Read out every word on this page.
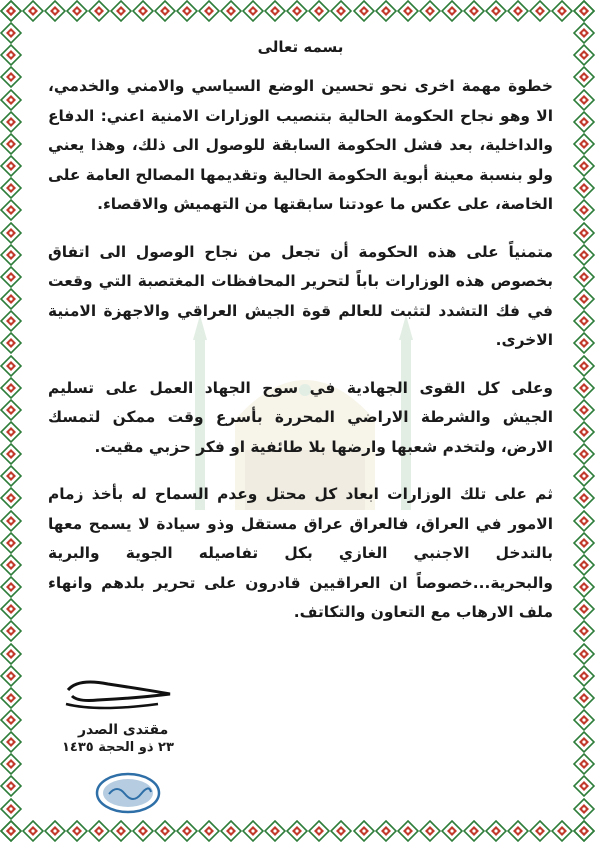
بسمه تعالى

خطوة مهمة اخرى نحو تحسين الوضع السياسي والامني والخدمي، الا وهو نجاح الحكومة الحالية بتنصيب الوزارات الامنية اعني: الدفاع والداخلية، بعد فشل الحكومة السابقة للوصول الى ذلك، وهذا يعني ولو بنسبة معينة أبوية الحكومة الحالية وتقديمها المصالح العامة على الخاصة، على عكس ما عودتنا سابقتها من التهميش والاقصاء.

متمنياً على هذه الحكومة أن تجعل من نجاح الوصول الى اتفاق بخصوص هذه الوزارات باباً لتحرير المحافظات المغتصبة التي وقعت في فك التشدد لتثبت للعالم قوة الجيش العراقي والاجهزة الامنية الاخرى.

وعلى كل القوى الجهادية في سوح الجهاد العمل على تسليم الجيش والشرطة الاراضي المحررة بأسرع وقت ممكن لتمسك الارض، ولتخدم شعبها وارضها بلا طائفية او فكر حزبي مقيت.

ثم على تلك الوزارات ابعاد كل محتل وعدم السماح له بأخذ زمام الامور في العراق، فالعراق عراق مستقل وذو سيادة لا يسمح معها بالتدخل الاجنبي الغازي بكل تفاصيله الجوية والبرية والبحرية...خصوصاً ان العراقيين قادرون على تحرير بلدهم وانهاء ملف الارهاب مع التعاون والتكاتف.

مقتدى الصدر
٢٣ ذو الحجة ١٤٣٥
